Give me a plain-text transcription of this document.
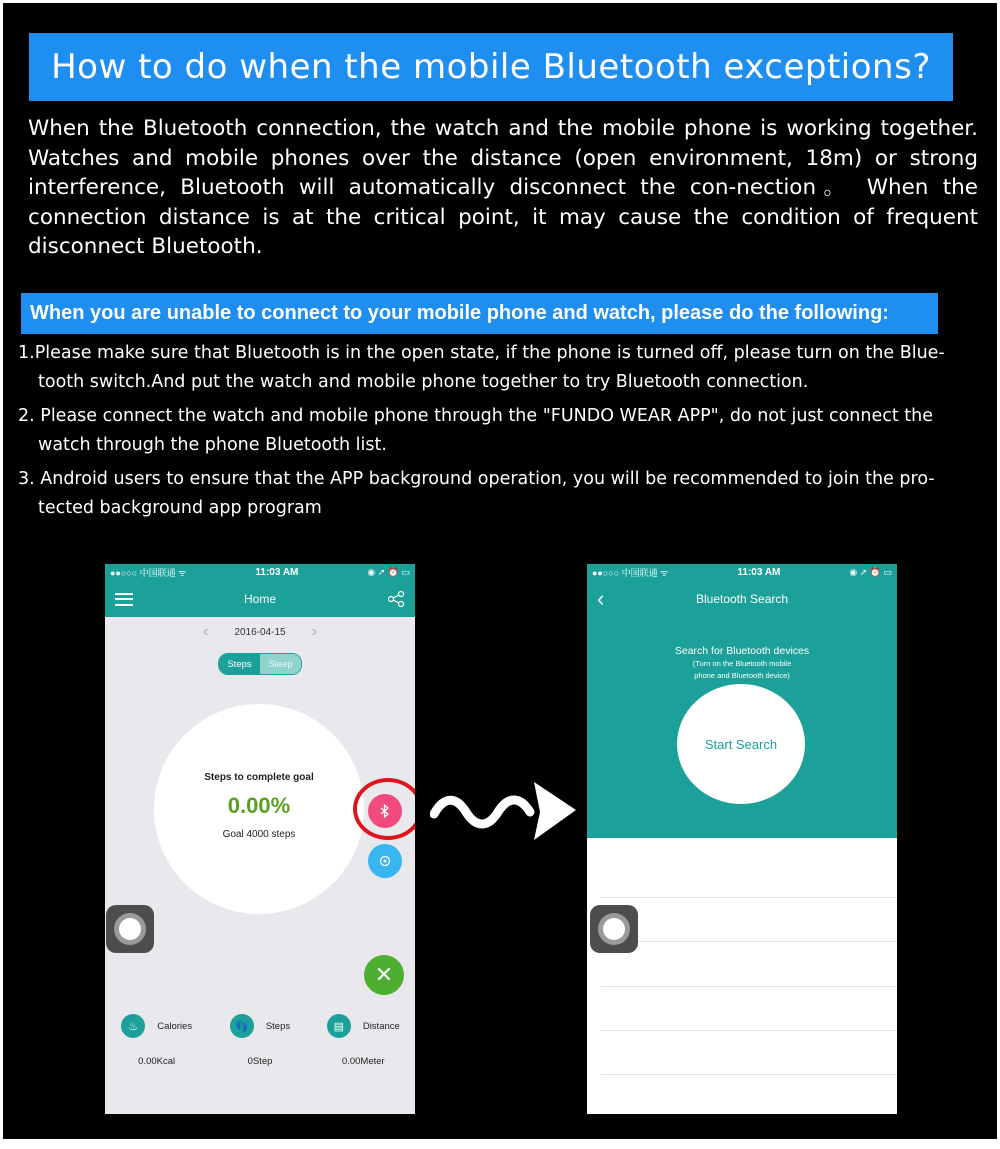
How to do when the mobile Bluetooth exceptions?
When the Bluetooth connection, the watch and the mobile phone is working together. Watches and mobile phones over the distance (open environment, 18m) or strong interference, Bluetooth will automatically disconnect the con-nection。 When the connection distance is at the critical point, it may cause the condition of frequent disconnect Bluetooth.
When you are unable to connect to your mobile phone and watch, please do the following:
1.Please make sure that Bluetooth is in the open state, if the phone is turned off, please turn on the Blue-tooth switch.And put the watch and mobile phone together to try Bluetooth connection.
2. Please connect the watch and mobile phone through the "FUNDO WEAR APP", do not just connect the watch through the phone Bluetooth list.
3. Android users to ensure that the APP background operation, you will be recommended to join the pro-tected background app program
●●○○○ 中国联通 ᯤ	11:03 AM	◉ ➚ ⏰ ▭
Home
‹	2016-04-15 ›
Steps	Sleep
Steps to complete goal
0.00%
Goal 4000 steps
✕
♨	Calories
0.00Kcal
👣	Steps
0Step
▤	Distance
0.00Meter
●●○○○ 中国联通 ᯤ	11:03 AM	◉ ➚ ⏰ ▭
‹	Bluetooth Search
Search for Bluetooth devices
(Turn on the Bluetooth mobile
phone and Bluetooth device)
Start Search
